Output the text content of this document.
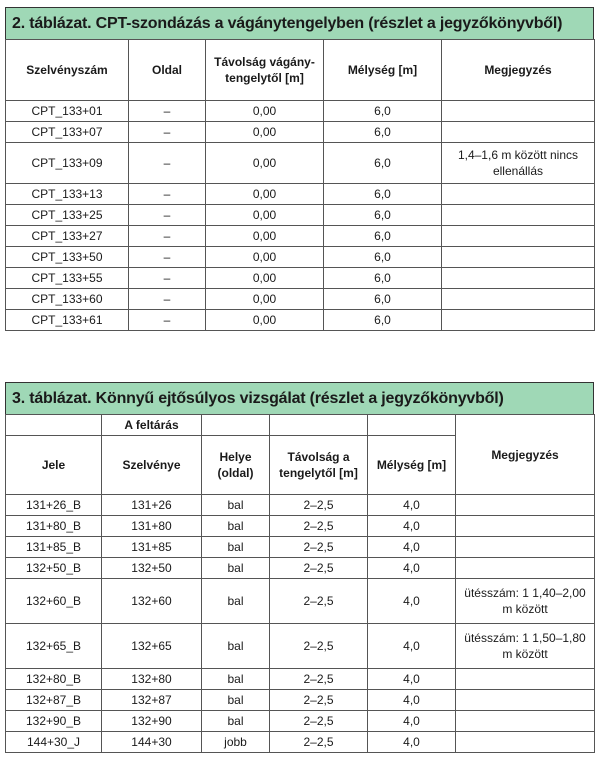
2. táblázat. CPT-szondázás a vágánytengelyben (részlet a jegyzőkönyvből)
Szelvényszám	Oldal	Távolság vágány-tengelytől [m]	Mélység [m]	Megjegyzés
CPT_133+01	–	0,00	6,0	
CPT_133+07	–	0,00	6,0	
CPT_133+09	–	0,00	6,0	1,4–1,6 m között nincs ellenállás
CPT_133+13	–	0,00	6,0	
CPT_133+25	–	0,00	6,0	
CPT_133+27	–	0,00	6,0	
CPT_133+50	–	0,00	6,0	
CPT_133+55	–	0,00	6,0	
CPT_133+60	–	0,00	6,0	
CPT_133+61	–	0,00	6,0	
3. táblázat. Könnyű ejtősúlyos vizsgálat (részlet a jegyzőkönyvből)
	A feltárás				Megjegyzés
Jele	Szelvénye	Helye (oldal)	Távolság a tengelytől [m]	Mélység [m]	
131+26_B	131+26	bal	2–2,5	4,0	
131+80_B	131+80	bal	2–2,5	4,0	
131+85_B	131+85	bal	2–2,5	4,0	
132+50_B	132+50	bal	2–2,5	4,0	
132+60_B	132+60	bal	2–2,5	4,0	ütésszám: 1 1,40–2,00 m között
132+65_B	132+65	bal	2–2,5	4,0	ütésszám: 1 1,50–1,80 m között
132+80_B	132+80	bal	2–2,5	4,0	
132+87_B	132+87	bal	2–2,5	4,0	
132+90_B	132+90	bal	2–2,5	4,0	
144+30_J	144+30	jobb	2–2,5	4,0	
